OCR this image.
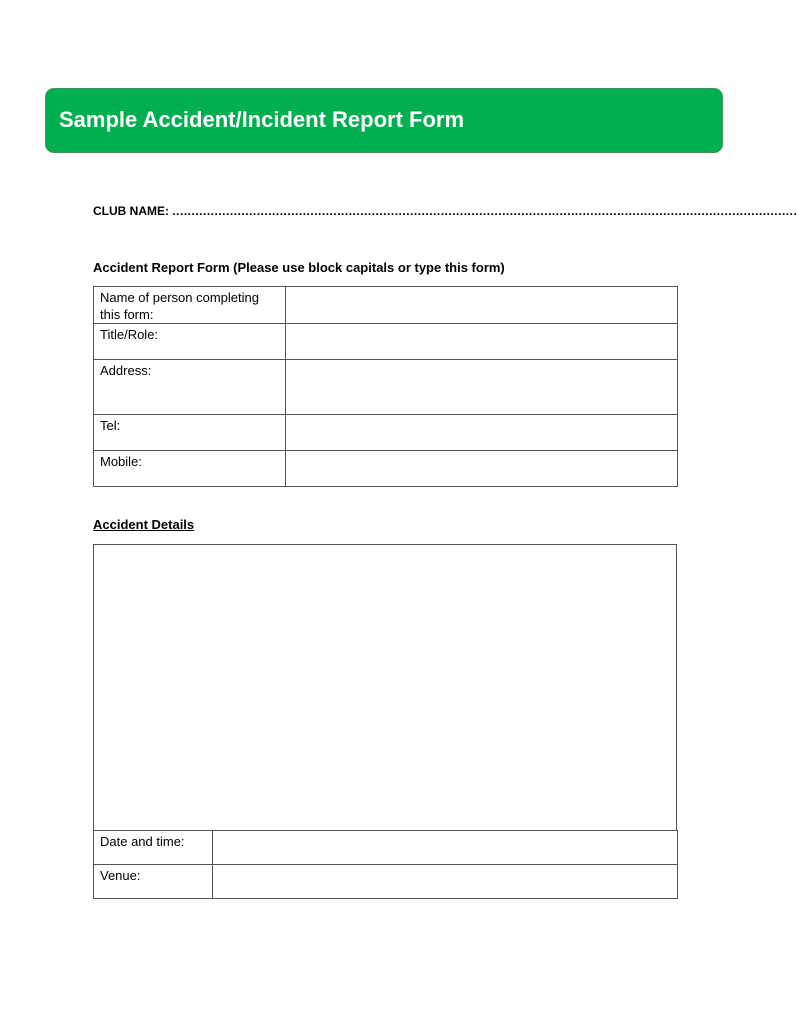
Sample Accident/Incident Report Form
CLUB NAME: ...................................................................................................................................................................
Accident Report Form (Please use block capitals or type this form)
Name of person completing this form:	
Title/Role:	
Address:	
Tel:	
Mobile:	
Accident Details
Date and time:	
Venue:	
